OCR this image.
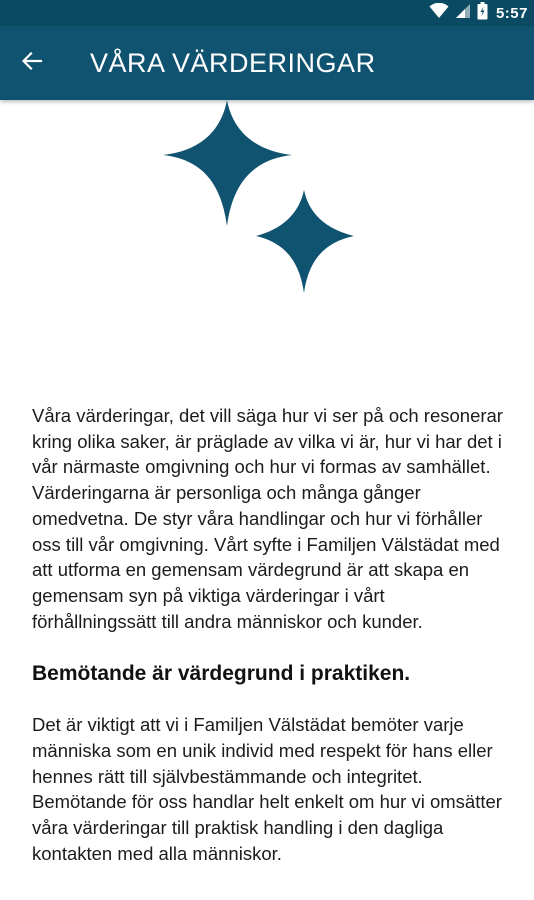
5:57
VÅRA VÄRDERINGAR

Våra värderingar, det vill säga hur vi ser på och resonerar kring olika saker, är präglade av vilka vi är, hur vi har det i vår närmaste omgivning och hur vi formas av samhället. Värderingarna är personliga och många gånger omedvetna. De styr våra handlingar och hur vi förhåller oss till vår omgivning. Vårt syfte i Familjen Välstädat med att utforma en gemensam värdegrund är att skapa en gemensam syn på viktiga värderingar i vårt förhållningssätt till andra människor och kunder.

Bemötande är värdegrund i praktiken.

Det är viktigt att vi i Familjen Välstädat bemöter varje människa som en unik individ med respekt för hans eller hennes rätt till självbestämmande och integritet. Bemötande för oss handlar helt enkelt om hur vi omsätter våra värderingar till praktisk handling i den dagliga kontakten med alla människor.
